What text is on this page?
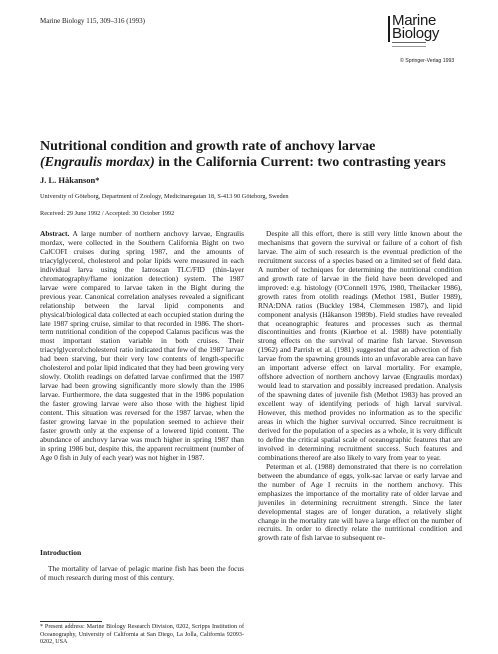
Marine Biology 115, 309–316 (1993)	Marine
Biology
© Springer-Verlag 1993
Nutritional condition and growth rate of anchovy larvae
(Engraulis mordax) in the California Current: two contrasting years
J. L. Håkanson*
University of Göteborg, Department of Zoology, Medicinaregatan 18, S-413 90 Göteborg, Sweden
Received: 29 June 1992 / Accepted: 30 October 1992

Abstract. A large number of northern anchovy larvae, Engraulis mordax, were collected in the Southern California Bight on two CalCOFI cruises during spring 1987, and the amounts of triacylglycerol, cholesterol and polar lipids were measured in each individual larva using the Iatroscan TLC/FID (thin-layer chromatography/flame ionization detection) system. The 1987 larvae were compared to larvae taken in the Bight during the previous year. Canonical correlation analyses revealed a significant relationship between the larval lipid components and physical/biological data collected at each occupied station during the late 1987 spring cruise, similar to that recorded in 1986. The short-term nutritional condition of the copepod Calanus pacificus was the most important station variable in both cruises. Their triacylglycerol:cholesterol ratio indicated that few of the 1987 larvae had been starving, but their very low contents of length-specific cholesterol and polar lipid indicated that they had been growing very slowly. Otolith readings on defatted larvae confirmed that the 1987 larvae had been growing significantly more slowly than the 1986 larvae. Furthermore, the data suggested that in the 1986 population the faster growing larvae were also those with the highest lipid content. This situation was reversed for the 1987 larvae, when the faster growing larvae in the population seemed to achieve their faster growth only at the expense of a lowered lipid content. The abundance of anchovy larvae was much higher in spring 1987 than in spring 1986 but, despite this, the apparent recruitment (number of Age 0 fish in July of each year) was not higher in 1987.

Introduction

The mortality of larvae of pelagic marine fish has been the focus of much research during most of this century.

* Present address: Marine Biology Research Division, 0202, Scripps Institution of Oceanography, University of California at San Diego, La Jolla, California 92093-0202, USA

Despite all this effort, there is still very little known about the mechanisms that govern the survival or failure of a cohort of fish larvae. The aim of such research is the eventual prediction of the recruitment success of a species based on a limited set of field data. A number of techniques for determining the nutritional condition and growth rate of larvae in the field have been developed and improved: e.g. histology (O'Connell 1976, 1980, Theilacker 1986), growth rates from otolith readings (Methot 1981, Butler 1989), RNA:DNA ratios (Buckley 1984, Clemmesen 1987), and lipid component analysis (Håkanson 1989b). Field studies have revealed that oceanographic features and processes such as thermal discontinuities and fronts (Kiørboe et al. 1988) have potentially strong effects on the survival of marine fish larvae. Stevenson (1962) and Parrish et al. (1981) suggested that an advection of fish larvae from the spawning grounds into an unfavorable area can have an important adverse effect on larval mortality. For example, offshore advection of northern anchovy larvae (Engraulis mordax) would lead to starvation and possibly increased predation. Analysis of the spawning dates of juvenile fish (Methot 1983) has proved an excellent way of identifying periods of high larval survival. However, this method provides no information as to the specific areas in which the higher survival occurred. Since recruitment is derived for the population of a species as a whole, it is very difficult to define the critical spatial scale of oceanographic features that are involved in determining recruitment success. Such features and combinations thereof are also likely to vary from year to year.

Peterman et al. (1988) demonstrated that there is no correlation between the abundance of eggs, yolk-sac larvae or early larvae and the number of Age I recruits in the northern anchovy. This emphasizes the importance of the mortality rate of older larvae and juveniles in determining recruitment strength. Since the later developmental stages are of longer duration, a relatively slight change in the mortality rate will have a large effect on the number of recruits. In order to directly relate the nutritional condition and growth rate of fish larvae to subsequent re-
